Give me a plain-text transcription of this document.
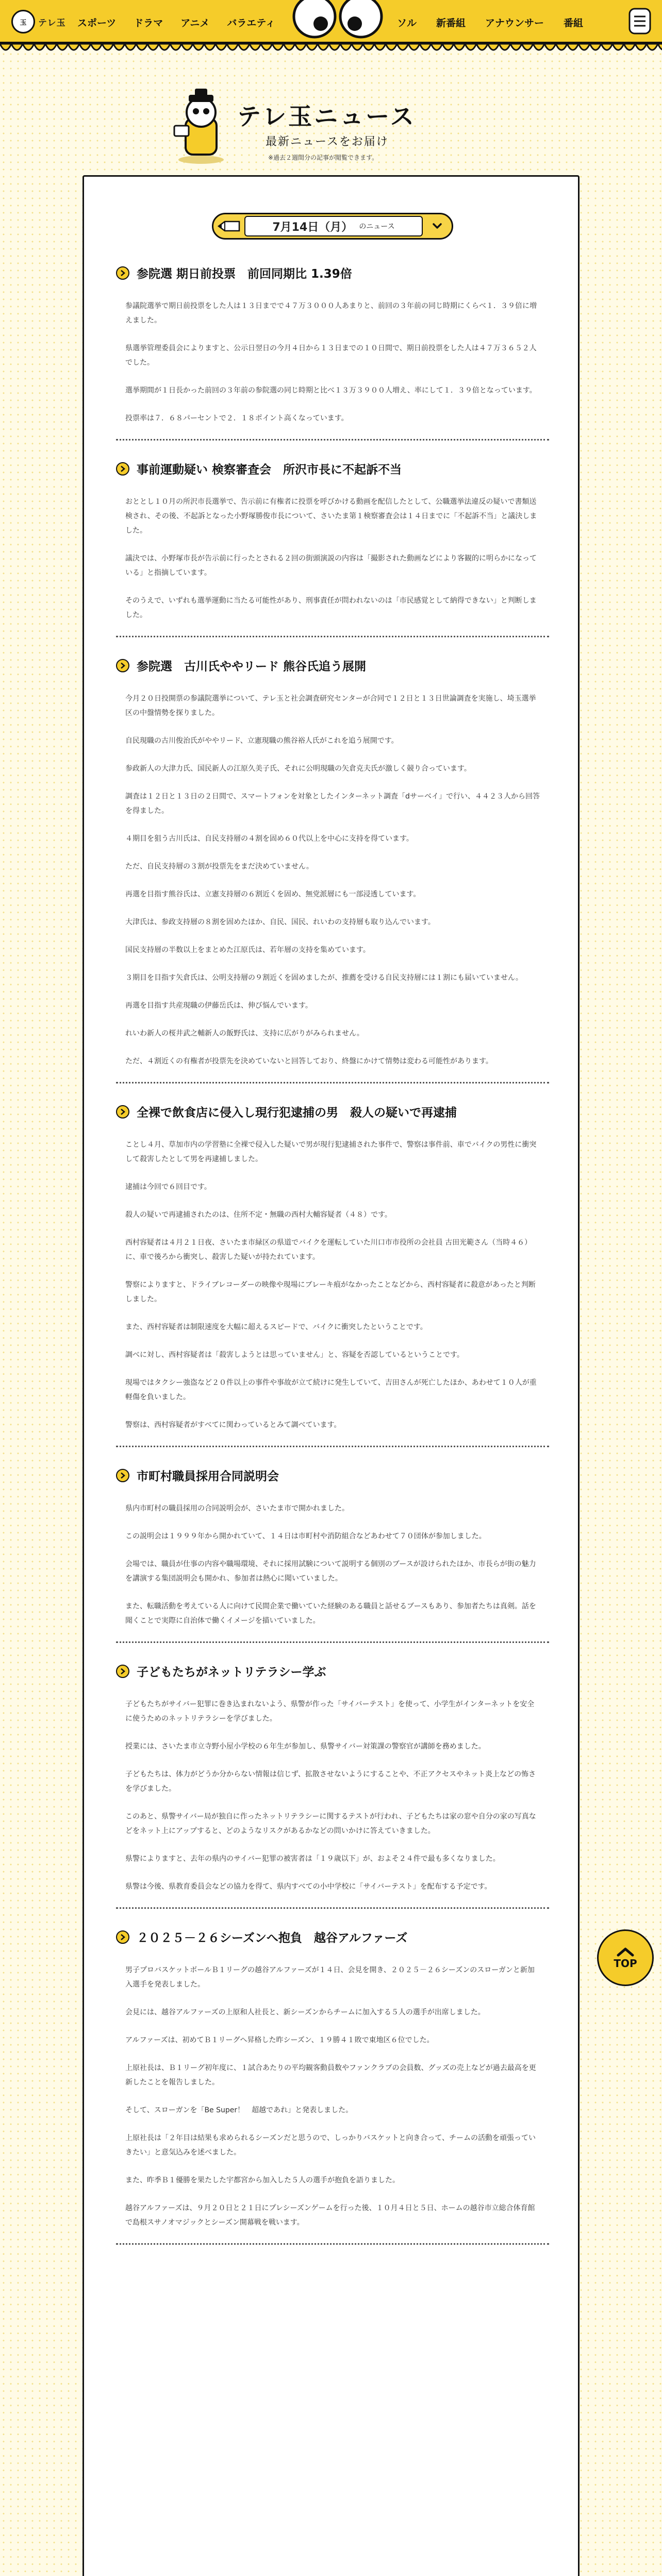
玉	テレ玉 スポーツ ドラマ アニメ バラエティ	ソル 新番組 アナウンサー 番組
テレ玉ニュース
最新ニュースをお届け
※過去２週間分の記事が閲覧できます。
7月14日（月） のニュース
参院選 期日前投票　前回同期比 1.39倍

参議院選挙で期日前投票をした人は１３日までで４７万３０００人あまりと、前回の３年前の同じ時期にくらべ１．３９倍に増えました。

県選挙管理委員会によりますと、公示日翌日の今月４日から１３日までの１０日間で、期日前投票をした人は４７万３６５２人でした。

選挙期間が１日長かった前回の３年前の参院選の同じ時期と比べ１３万３９００人増え、率にして１．３９倍となっています。

投票率は７．６８パーセントで２．１８ポイント高くなっています。

事前運動疑い 検察審査会　所沢市長に不起訴不当

おととし１０月の所沢市長選挙で、告示前に有権者に投票を呼びかける動画を配信したとして、公職選挙法違反の疑いで書類送検され、その後、不起訴となった小野塚勝俊市長について、さいたま第１検察審査会は１４日までに「不起訴不当」と議決しました。

議決では、小野塚市長が告示前に行ったとされる２回の街頭演説の内容は「撮影された動画などにより客観的に明らかになっている」と指摘しています。

そのうえで、いずれも選挙運動に当たる可能性があり、刑事責任が問われないのは「市民感覚として納得できない」と判断しました。

参院選　古川氏ややリード 熊谷氏追う展開

今月２０日投開票の参議院選挙について、テレ玉と社会調査研究センターが合同で１２日と１３日世論調査を実施し、埼玉選挙区の中盤情勢を探りました。

自民現職の古川俊治氏がややリード、立憲現職の熊谷裕人氏がこれを追う展開です。

参政新人の大津力氏、国民新人の江原久美子氏、それに公明現職の矢倉克夫氏が激しく競り合っています。

調査は１２日と１３日の２日間で、スマートフォンを対象としたインターネット調査「dサーベイ」で行い、４４２３人から回答を得ました。

４期目を狙う古川氏は、自民支持層の４割を固め６０代以上を中心に支持を得ています。

ただ、自民支持層の３割が投票先をまだ決めていません。

再選を目指す熊谷氏は、立憲支持層の６割近くを固め、無党派層にも一部浸透しています。

大津氏は、参政支持層の８割を固めたほか、自民、国民、れいわの支持層も取り込んでいます。

国民支持層の半数以上をまとめた江原氏は、若年層の支持を集めています。

３期目を目指す矢倉氏は、公明支持層の９割近くを固めましたが、推薦を受ける自民支持層には１割にも届いていません。

再選を目指す共産現職の伊藤岳氏は、伸び悩んでいます。

れいわ新人の桜井武之輔新人の飯野氏は、支持に広がりがみられません。

ただ、４割近くの有権者が投票先を決めていないと回答しており、終盤にかけて情勢は変わる可能性があります。

全裸で飲食店に侵入し現行犯逮捕の男　殺人の疑いで再逮捕

ことし４月、草加市内の学習塾に全裸で侵入した疑いで男が現行犯逮捕された事件で、警察は事件前、車でバイクの男性に衝突して殺害したとして男を再逮捕しました。

逮捕は今回で６回目です。

殺人の疑いで再逮捕されたのは、住所不定・無職の西村大輔容疑者（４８）です。

西村容疑者は４月２１日夜、さいたま市緑区の県道でバイクを運転していた川口市市役所の会社員 古田光範さん（当時４６）に、車で後ろから衝突し、殺害した疑いが持たれています。

警察によりますと、ドライブレコーダーの映像や現場にブレーキ痕がなかったことなどから、西村容疑者に殺意があったと判断しました。

また、西村容疑者は制限速度を大幅に超えるスピードで、バイクに衝突したということです。

調べに対し、西村容疑者は「殺害しようとは思っていません」と、容疑を否認しているということです。

現場ではタクシー強盗など２０件以上の事件や事故が立て続けに発生していて、吉田さんが死亡したほか、あわせて１０人が重軽傷を負いました。

警察は、西村容疑者がすべてに関わっているとみて調べています。

市町村職員採用合同説明会

県内市町村の職員採用の合同説明会が、さいたま市で開かれました。

この説明会は１９９９年から開かれていて、１４日は市町村や消防組合などあわせて７０団体が参加しました。

会場では、職員が仕事の内容や職場環境、それに採用試験について説明する個別のブースが設けられたほか、市長らが街の魅力を講演する集団説明会も開かれ、参加者は熱心に聞いていました。

また、転職活動を考えている人に向けて民間企業で働いていた経験のある職員と話せるブースもあり、参加者たちは真剣。話を聞くことで実際に自治体で働くイメージを描いていました。

子どもたちがネットリテラシー学ぶ

子どもたちがサイバー犯罪に巻き込まれないよう、県警が作った「サイバーテスト」を使って、小学生がインターネットを安全に使うためのネットリテラシーを学びました。

授業には、さいたま市立寺野小屋小学校の６年生が参加し、県警サイバー対策課の警察官が講師を務めました。

子どもたちは、体力がどうか分からない情報は信じず、拡散させないようにすることや、不正アクセスやネット炎上などの怖さを学びました。

このあと、県警サイバー局が独自に作ったネットリテラシーに関するテストが行われ、子どもたちは家の窓や自分の家の写真などをネット上にアップすると、どのようなリスクがあるかなどの問いかけに答えていきました。

県警によりますと、去年の県内のサイバー犯罪の被害者は「１９歳以下」が、およそ２４件で最も多くなりました。

県警は今後、県教育委員会などの協力を得て、県内すべての小中学校に「サイバーテスト」を配布する予定です。

２０２５－２６シーズンへ抱負　越谷アルファーズ

男子プロバスケットボールＢ１リーグの越谷アルファーズが１４日、会見を開き、２０２５－２６シーズンのスローガンと新加入選手を発表しました。

会見には、越谷アルファーズの上原和人社長と、新シーズンからチームに加入する５人の選手が出席しました。

アルファーズは、初めてＢ１リーグへ昇格した昨シーズン、１９勝４１敗で東地区６位でした。

上原社長は、Ｂ１リーグ初年度に、１試合あたりの平均観客動員数やファンクラブの会員数、グッズの売上などが過去最高を更新したことを報告しました。

そして、スローガンを「Be Super！　超越であれ」と発表しました。

上原社長は「２年目は結果も求められるシーズンだと思うので、しっかりバスケットと向き合って、チームの活動を頑張っていきたい」と意気込みを述べました。

また、昨季Ｂ１優勝を果たした宇都宮から加入した５人の選手が抱負を語りました。

越谷アルファーズは、９月２０日と２１日にプレシーズンゲームを行った後、１０月４日と５日、ホームの越谷市立総合体育館で島根スサノオマジックとシーズン開幕戦を戦います。

TOP
